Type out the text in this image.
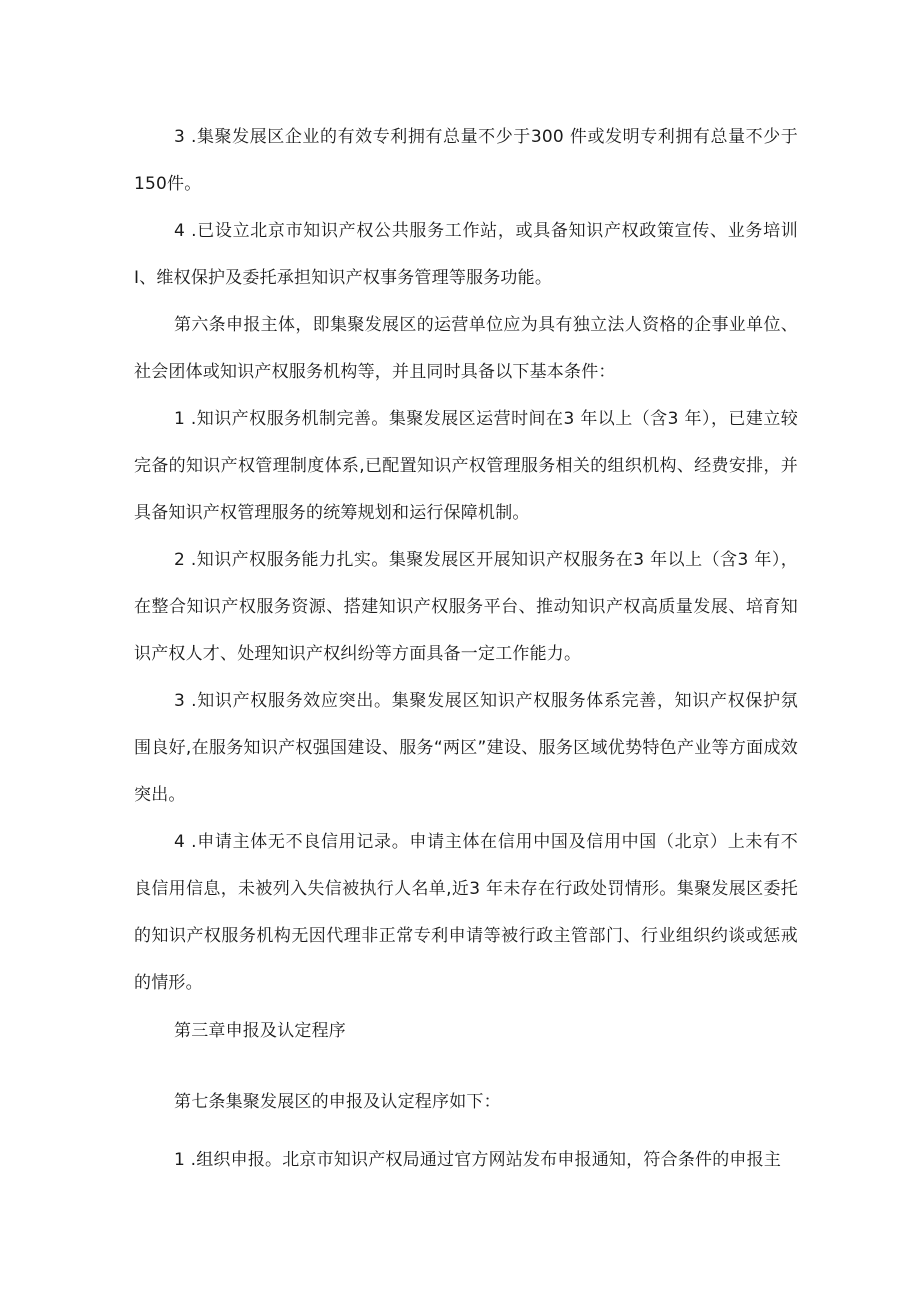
3 .集聚发展区企业的有效专利拥有总量不少于300 件或发明专利拥有总量不少于150件。

4 .已设立北京市知识产权公共服务工作站，或具备知识产权政策宣传、业务培训I、维权保护及委托承担知识产权事务管理等服务功能。

第六条申报主体，即集聚发展区的运营单位应为具有独立法人资格的企事业单位、社会团体或知识产权服务机构等，并且同时具备以下基本条件：

1 .知识产权服务机制完善。集聚发展区运营时间在3 年以上（含3 年），已建立较完备的知识产权管理制度体系,已配置知识产权管理服务相关的组织机构、经费安排，并具备知识产权管理服务的统筹规划和运行保障机制。

2 .知识产权服务能力扎实。集聚发展区开展知识产权服务在3 年以上（含3 年），在整合知识产权服务资源、搭建知识产权服务平台、推动知识产权高质量发展、培育知识产权人才、处理知识产权纠纷等方面具备一定工作能力。

3 .知识产权服务效应突出。集聚发展区知识产权服务体系完善，知识产权保护氛围良好,在服务知识产权强国建设、服务“两区”建设、服务区域优势特色产业等方面成效突出。

4 .申请主体无不良信用记录。申请主体在信用中国及信用中国（北京）上未有不良信用信息，未被列入失信被执行人名单,近3 年未存在行政处罚情形。集聚发展区委托的知识产权服务机构无因代理非正常专利申请等被行政主管部门、行业组织约谈或惩戒的情形。

第三章申报及认定程序

第七条集聚发展区的申报及认定程序如下：

1 .组织申报。北京市知识产权局通过官方网站发布申报通知，符合条件的申报主
